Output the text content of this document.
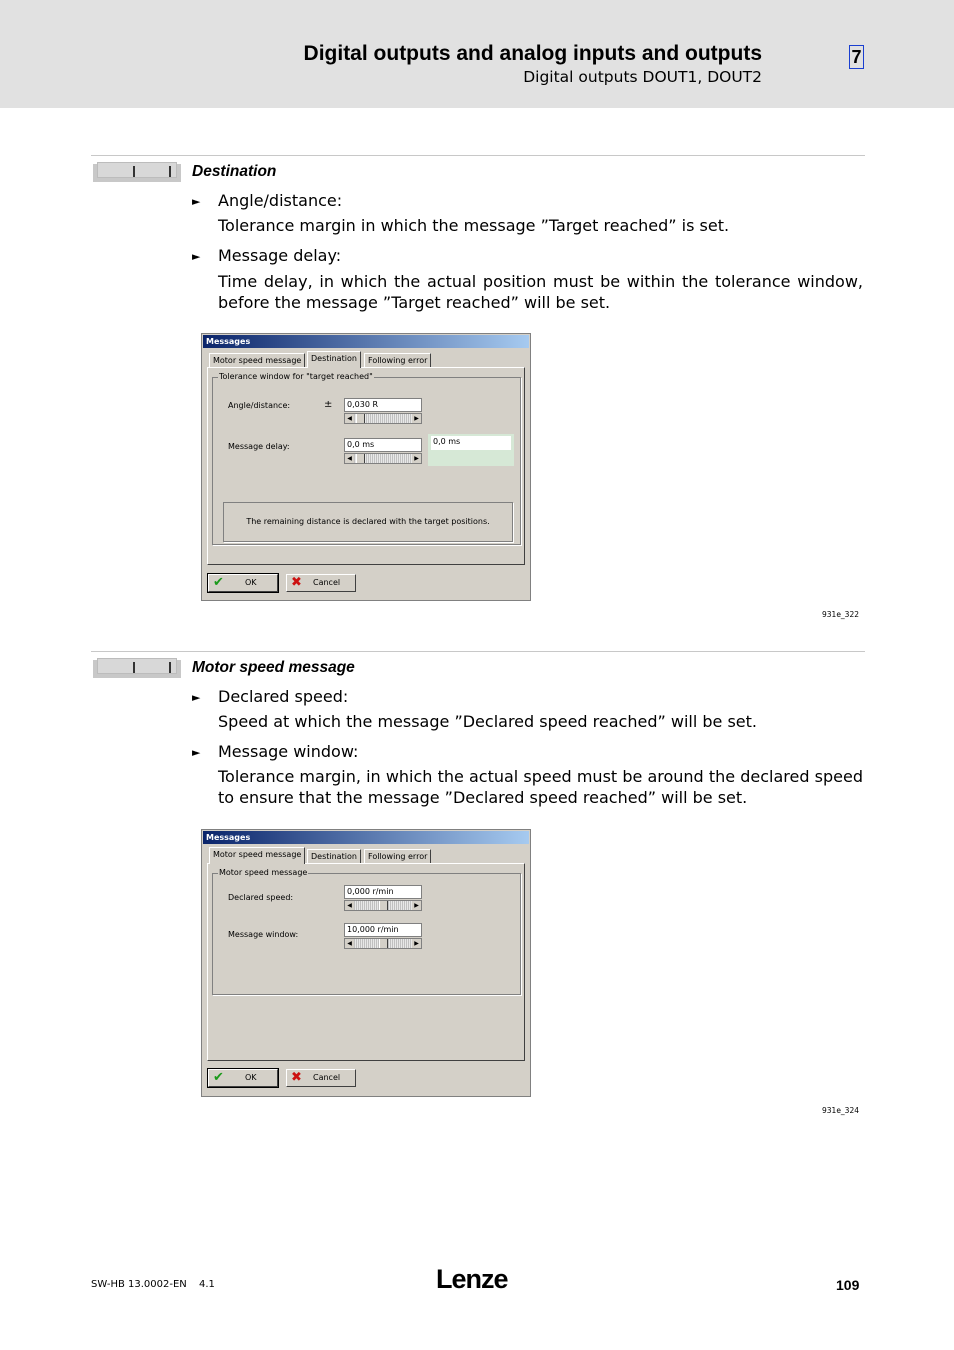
Digital outputs and analog inputs and outputs
Digital outputs DOUT1, DOUT2
7
Destination
► Angle/distance:
Tolerance margin in which the message ”Target reached” is set.
► Message delay:
Time delay, in which the actual position must be within the tolerance window, before the message ”Target reached” will be set.
Messages
Motor speed message	Destination	Following error
Tolerance window for "target reached"
Angle/distance:	±	0,030 R
◀	▶
Message delay:	0,0 ms
◀	▶
0,0 ms
The remaining distance is declared with the target positions.
✔	OK	✖ Cancel
931e_322
Motor speed message
► Declared speed:
Speed at which the message ”Declared speed reached” will be set.
► Message window:
Tolerance margin, in which the actual speed must be around the declared speed to ensure that the message ”Declared speed reached” will be set.
Messages
Motor speed message	Destination	Following error
Motor speed message
Declared speed:
0,000 r/min
◀	▶
Message window:
10,000 r/min
◀	▶
✔	OK	✖ Cancel
931e_324
SW-HB 13.0002-EN 4.1	Lenze	109
